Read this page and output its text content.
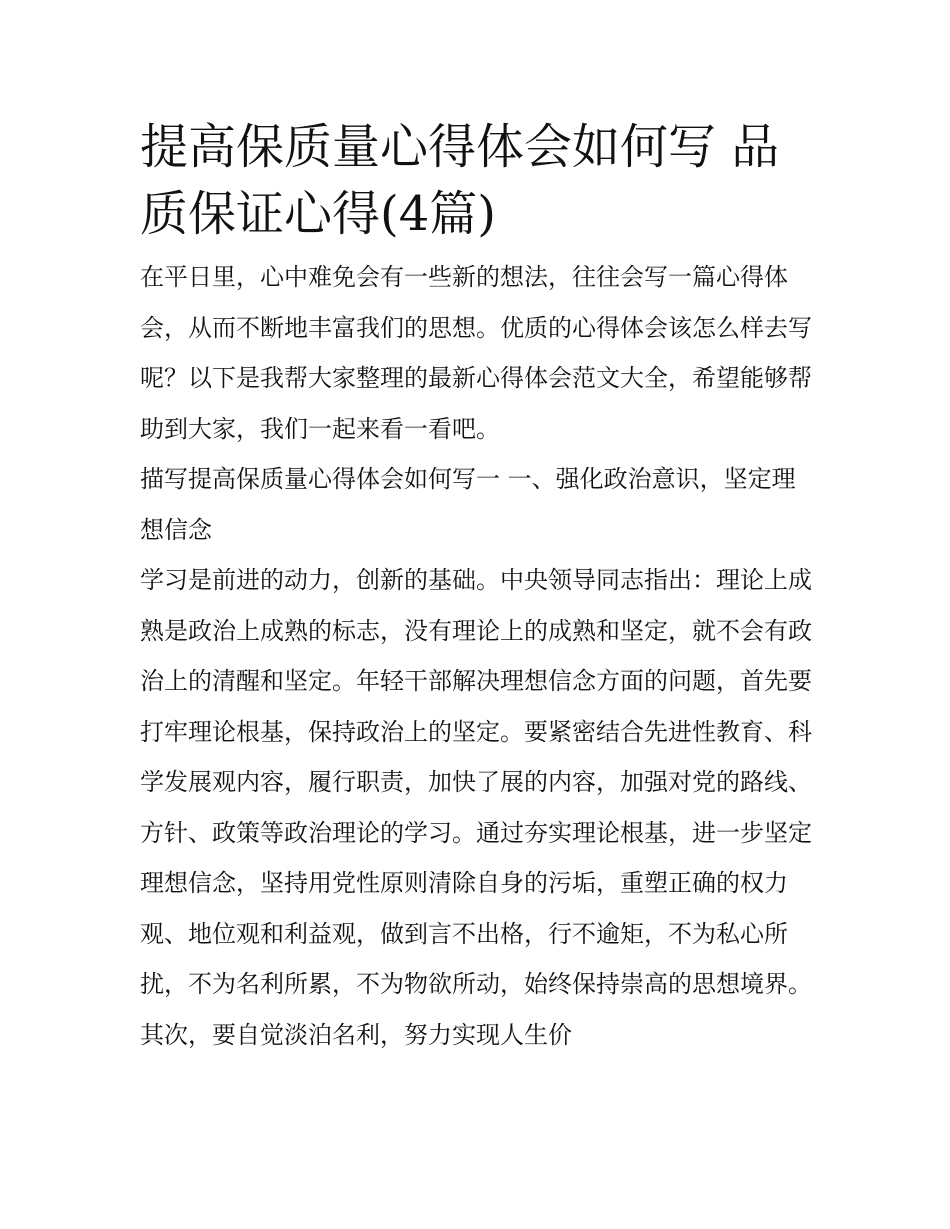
提高保质量心得体会如何写 品质保证心得(4篇)

在平日里，心中难免会有一些新的想法，往往会写一篇心得体会，从而不断地丰富我们的思想。优质的心得体会该怎么样去写呢？以下是我帮大家整理的最新心得体会范文大全，希望能够帮助到大家，我们一起来看一看吧。

描写提高保质量心得体会如何写一 一、强化政治意识，坚定理想信念

学习是前进的动力，创新的基础。中央领导同志指出：理论上成熟是政治上成熟的标志，没有理论上的成熟和坚定，就不会有政治上的清醒和坚定。年轻干部解决理想信念方面的问题，首先要打牢理论根基，保持政治上的坚定。要紧密结合先进性教育、科学发展观内容，履行职责，加快了展的内容，加强对党的路线、方针、政策等政治理论的学习。通过夯实理论根基，进一步坚定理想信念，坚持用党性原则清除自身的污垢，重塑正确的权力观、地位观和利益观，做到言不出格，行不逾矩，不为私心所扰，不为名利所累，不为物欲所动，始终保持崇高的思想境界。其次，要自觉淡泊名利，努力实现人生价
